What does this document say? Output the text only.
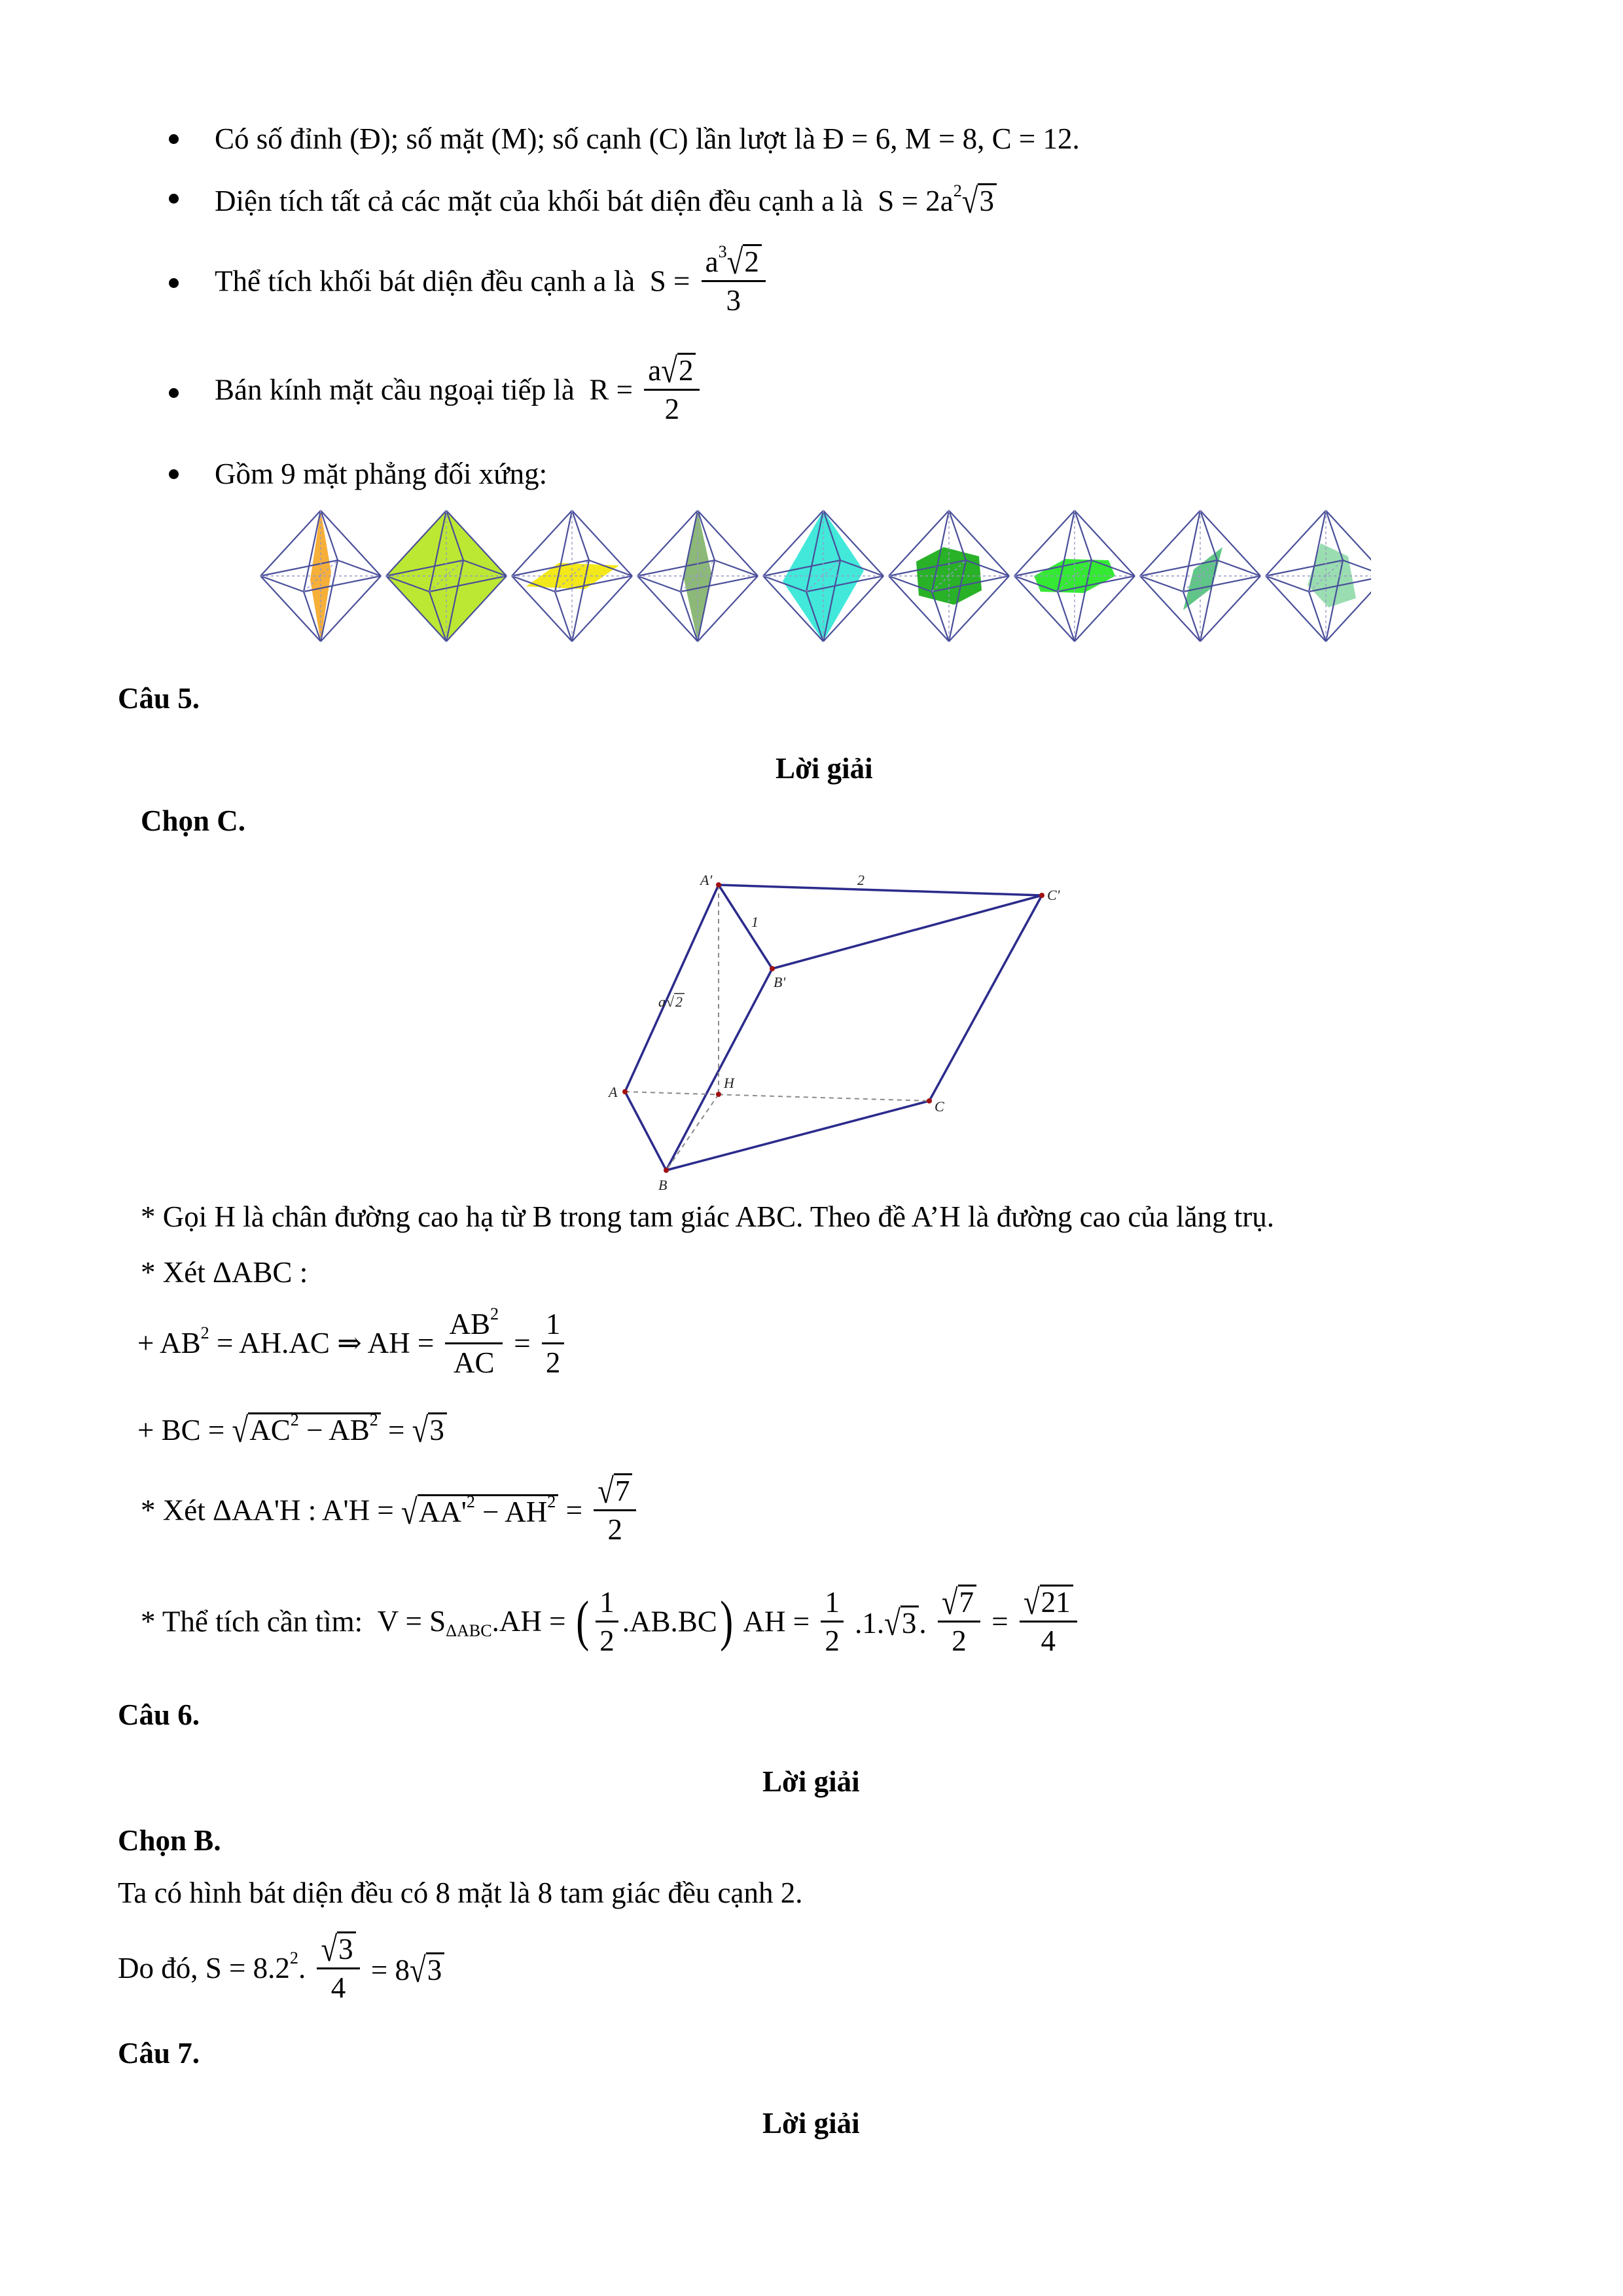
Có số đỉnh (Đ); số mặt (M); số cạnh (C) lần lượt là Đ = 6, M = 8, C = 12.
Diện tích tất cả các mặt của khối bát diện đều cạnh a là $S = 2a^2√3$
Thể tích khối bát diện đều cạnh a là $S = \frac{a^3√2}{3}$
Bán kính mặt cầu ngoại tiếp là $R = \frac{a√2}{2}$
Gồm 9 mặt phẳng đối xứng:
Câu 5.
Lời giải
Chọn C.
A'
B'
C'
A
B
C
H
2
1
a √ 2
* Gọi H là chân đường cao hạ từ B trong tam giác ABC. Theo đề A’H là đường cao của lăng trụ.
* Xét ΔABC :
+ $AB^2 = AH.AC$ ⇒ AH = $\frac{AB^2}{AC} = \frac{1}{2}$
+ BC = $√AC^2 - AB^2 = √3$
* Xét ΔAA'H : $A'H = √AA'^2 - AH^2 = \frac{√7}{2}$
* Thể tích cần tìm: $V = S_{\Delta ABC}.AH$ = ( $\frac{1}{2} .AB.BC$) AH = $\frac{1}{2} .1.√3$. $\frac{√7}{2} = \frac{√21}{4}$
Câu 6.
Lời giải
Chọn B.
Ta có hình bát diện đều có 8 mặt là 8 tam giác đều cạnh 2.
Do đó, $S = 8.2^2$. $\frac{√3}{4} = 8√3$
Câu 7.
Lời giải
